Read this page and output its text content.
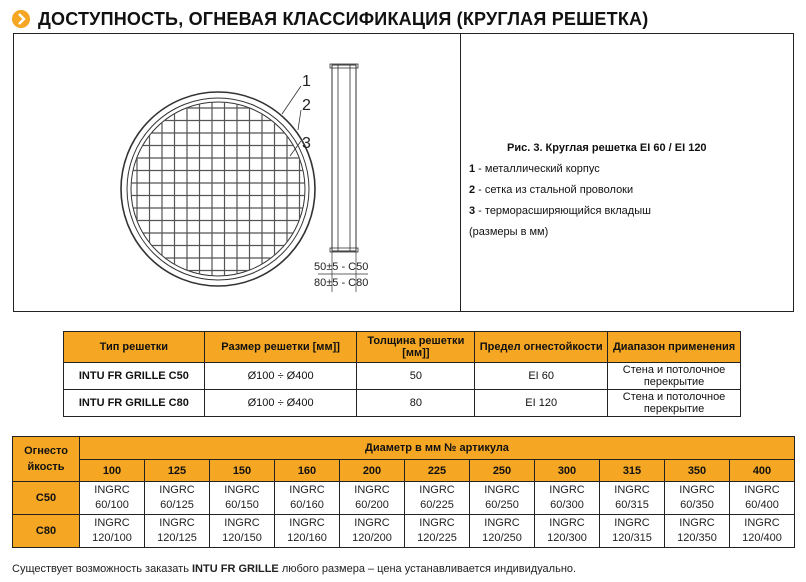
ДОСТУПНОСТЬ, ОГНЕВАЯ КЛАССИФИКАЦИЯ (КРУГЛАЯ РЕШЕТКА)
1
2
3
50±5 - C50
80±5 - C80
Рис. 3. Круглая решетка EI 60 / EI 120
1 - металлический корпус
2 - сетка из стальной проволоки
3 - терморасширяющийся вкладыш
(размеры в мм)
Тип решетки	Размер решетки [мм]]	Толщина решетки [мм]]	Предел огнестойкости	Диапазон применения
INTU FR GRILLE C50	Ø100 ÷ Ø400	50	EI 60	Стена и потолочное перекрытие
INTU FR GRILLE C80	Ø100 ÷ Ø400	80	EI 120	Стена и потолочное перекрытие
Огнесто йкость	Диаметр в мм № артикула										
	100	125	150	160	200	225	250	300	315	350	400
C50	INGRC 60/100	INGRC 60/125	INGRC 60/150	INGRC 60/160	INGRC 60/200	INGRC 60/225	INGRC 60/250	INGRC 60/300	INGRC 60/315	INGRC 60/350	INGRC 60/400
C80	INGRC 120/100	INGRC 120/125	INGRC 120/150	INGRC 120/160	INGRC 120/200	INGRC 120/225	INGRC 120/250	INGRC 120/300	INGRC 120/315	INGRC 120/350	INGRC 120/400
Существует возможность заказать INTU FR GRILLE любого размера – цена устанавливается индивидуально.
